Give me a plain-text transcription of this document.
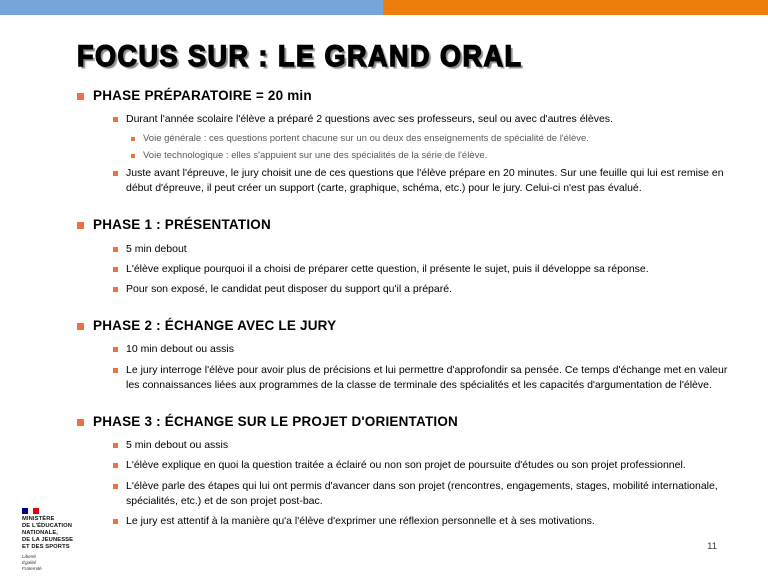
FOCUS SUR : LE GRAND ORAL
PHASE PRÉPARATOIRE = 20 min

Durant l'année scolaire l'élève a préparé 2 questions avec ses professeurs, seul ou avec d'autres élèves.

Voie générale : ces questions portent chacune sur un ou deux des enseignements de spécialité de l'élève.

Voie technologique : elles s'appuient sur une des spécialités de la série de l'élève.

Juste avant l'épreuve, le jury choisit une de ces questions que l'élève prépare en 20 minutes. Sur une feuille qui lui est remise en début d'épreuve, il peut créer un support (carte, graphique, schéma, etc.) pour le jury. Celui-ci n'est pas évalué.

PHASE 1 : PRÉSENTATION

5 min debout

L'élève explique pourquoi il a choisi de préparer cette question, il présente le sujet, puis il développe sa réponse.

Pour son exposé, le candidat peut disposer du support qu'il a préparé.

PHASE 2 : ÉCHANGE AVEC LE JURY

10 min debout ou assis

Le jury interroge l'élève pour avoir plus de précisions et lui permettre d'approfondir sa pensée. Ce temps d'échange met en valeur les connaissances liées aux programmes de la classe de terminale des spécialités et les capacités d'argumentation de l'élève.

PHASE 3 : ÉCHANGE SUR LE PROJET D'ORIENTATION

5 min debout ou assis

L'élève explique en quoi la question traitée a éclairé ou non son projet de poursuite d'études ou son projet professionnel.

L'élève parle des étapes qui lui ont permis d'avancer dans son projet (rencontres, engagements, stages, mobilité internationale, spécialités, etc.) et de son projet post-bac.

Le jury est attentif à la manière qu'a l'élève d'exprimer une réflexion personnelle et à ses motivations.

MINISTÈRE
DE L'ÉDUCATION
NATIONALE,
DE LA JEUNESSE
ET DES SPORTS
Liberté
Égalité
Fraternité
11
